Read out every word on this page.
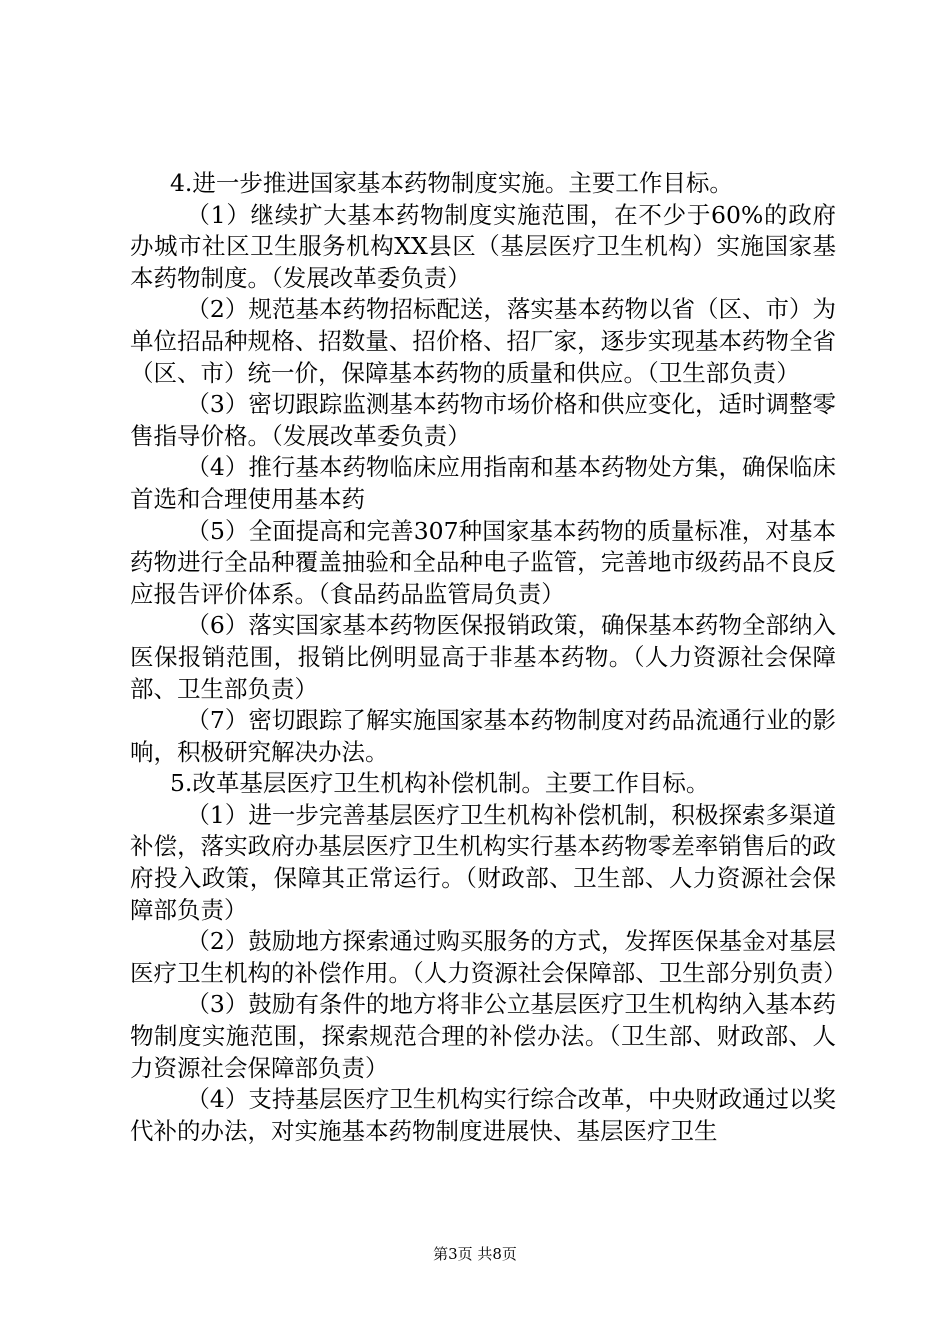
4.进一步推进国家基本药物制度实施。主要工作目标。

（1）继续扩大基本药物制度实施范围，在不少于60%的政府办城市社区卫生服务机构XX县区（基层医疗卫生机构）实施国家基本药物制度。（发展改革委负责）

（2）规范基本药物招标配送，落实基本药物以省（区、市）为单位招品种规格、招数量、招价格、招厂家，逐步实现基本药物全省（区、市）统一价，保障基本药物的质量和供应。（卫生部负责）

（3）密切跟踪监测基本药物市场价格和供应变化，适时调整零售指导价格。（发展改革委负责）

（4）推行基本药物临床应用指南和基本药物处方集，确保临床首选和合理使用基本药

（5）全面提高和完善307种国家基本药物的质量标准，对基本药物进行全品种覆盖抽验和全品种电子监管，完善地市级药品不良反应报告评价体系。（食品药品监管局负责）

（6）落实国家基本药物医保报销政策，确保基本药物全部纳入医保报销范围，报销比例明显高于非基本药物。（人力资源社会保障部、卫生部负责）

（7）密切跟踪了解实施国家基本药物制度对药品流通行业的影响，积极研究解决办法。

5.改革基层医疗卫生机构补偿机制。主要工作目标。

（1）进一步完善基层医疗卫生机构补偿机制，积极探索多渠道补偿，落实政府办基层医疗卫生机构实行基本药物零差率销售后的政府投入政策，保障其正常运行。（财政部、卫生部、人力资源社会保障部负责）

（2）鼓励地方探索通过购买服务的方式，发挥医保基金对基层医疗卫生机构的补偿作用。（人力资源社会保障部、卫生部分别负责）

（3）鼓励有条件的地方将非公立基层医疗卫生机构纳入基本药物制度实施范围，探索规范合理的补偿办法。（卫生部、财政部、人力资源社会保障部负责）

（4）支持基层医疗卫生机构实行综合改革，中央财政通过以奖代补的办法，对实施基本药物制度进展快、基层医疗卫生

第3页 共8页
